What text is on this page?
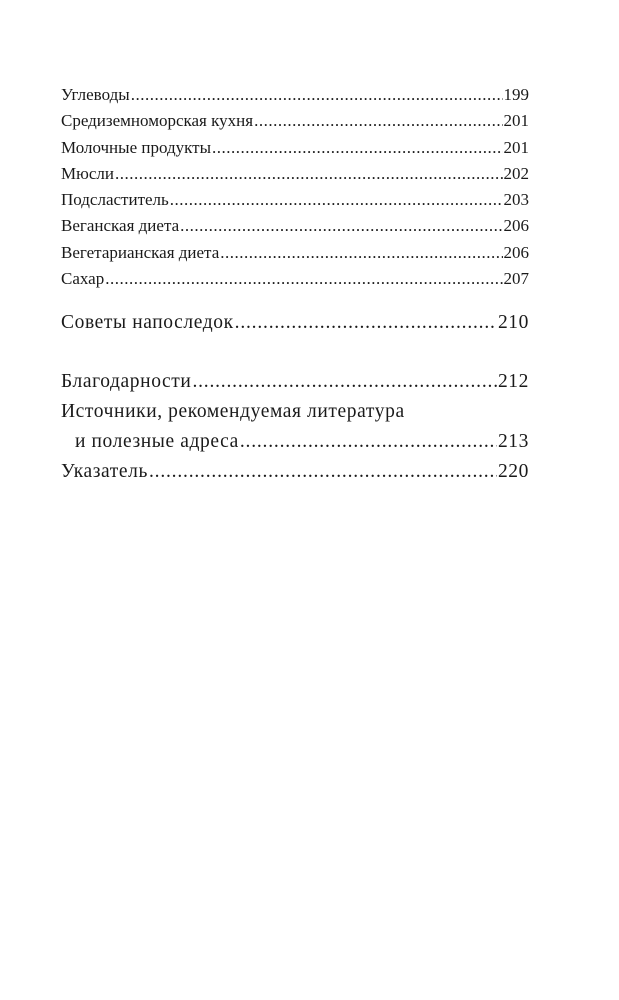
Углеводы .....	199
Средиземноморская кухня .....	201
Молочные продукты .....	201
Мюсли .....	202
Подсластитель .....	203
Веганская диета .....	206
Вегетарианская диета .....	206
Сахар .....	207
Советы напоследок .....	210
Благодарности .....	212
Источники, рекомендуемая литература
и полезные адреса .....	213
Указатель .....	220
